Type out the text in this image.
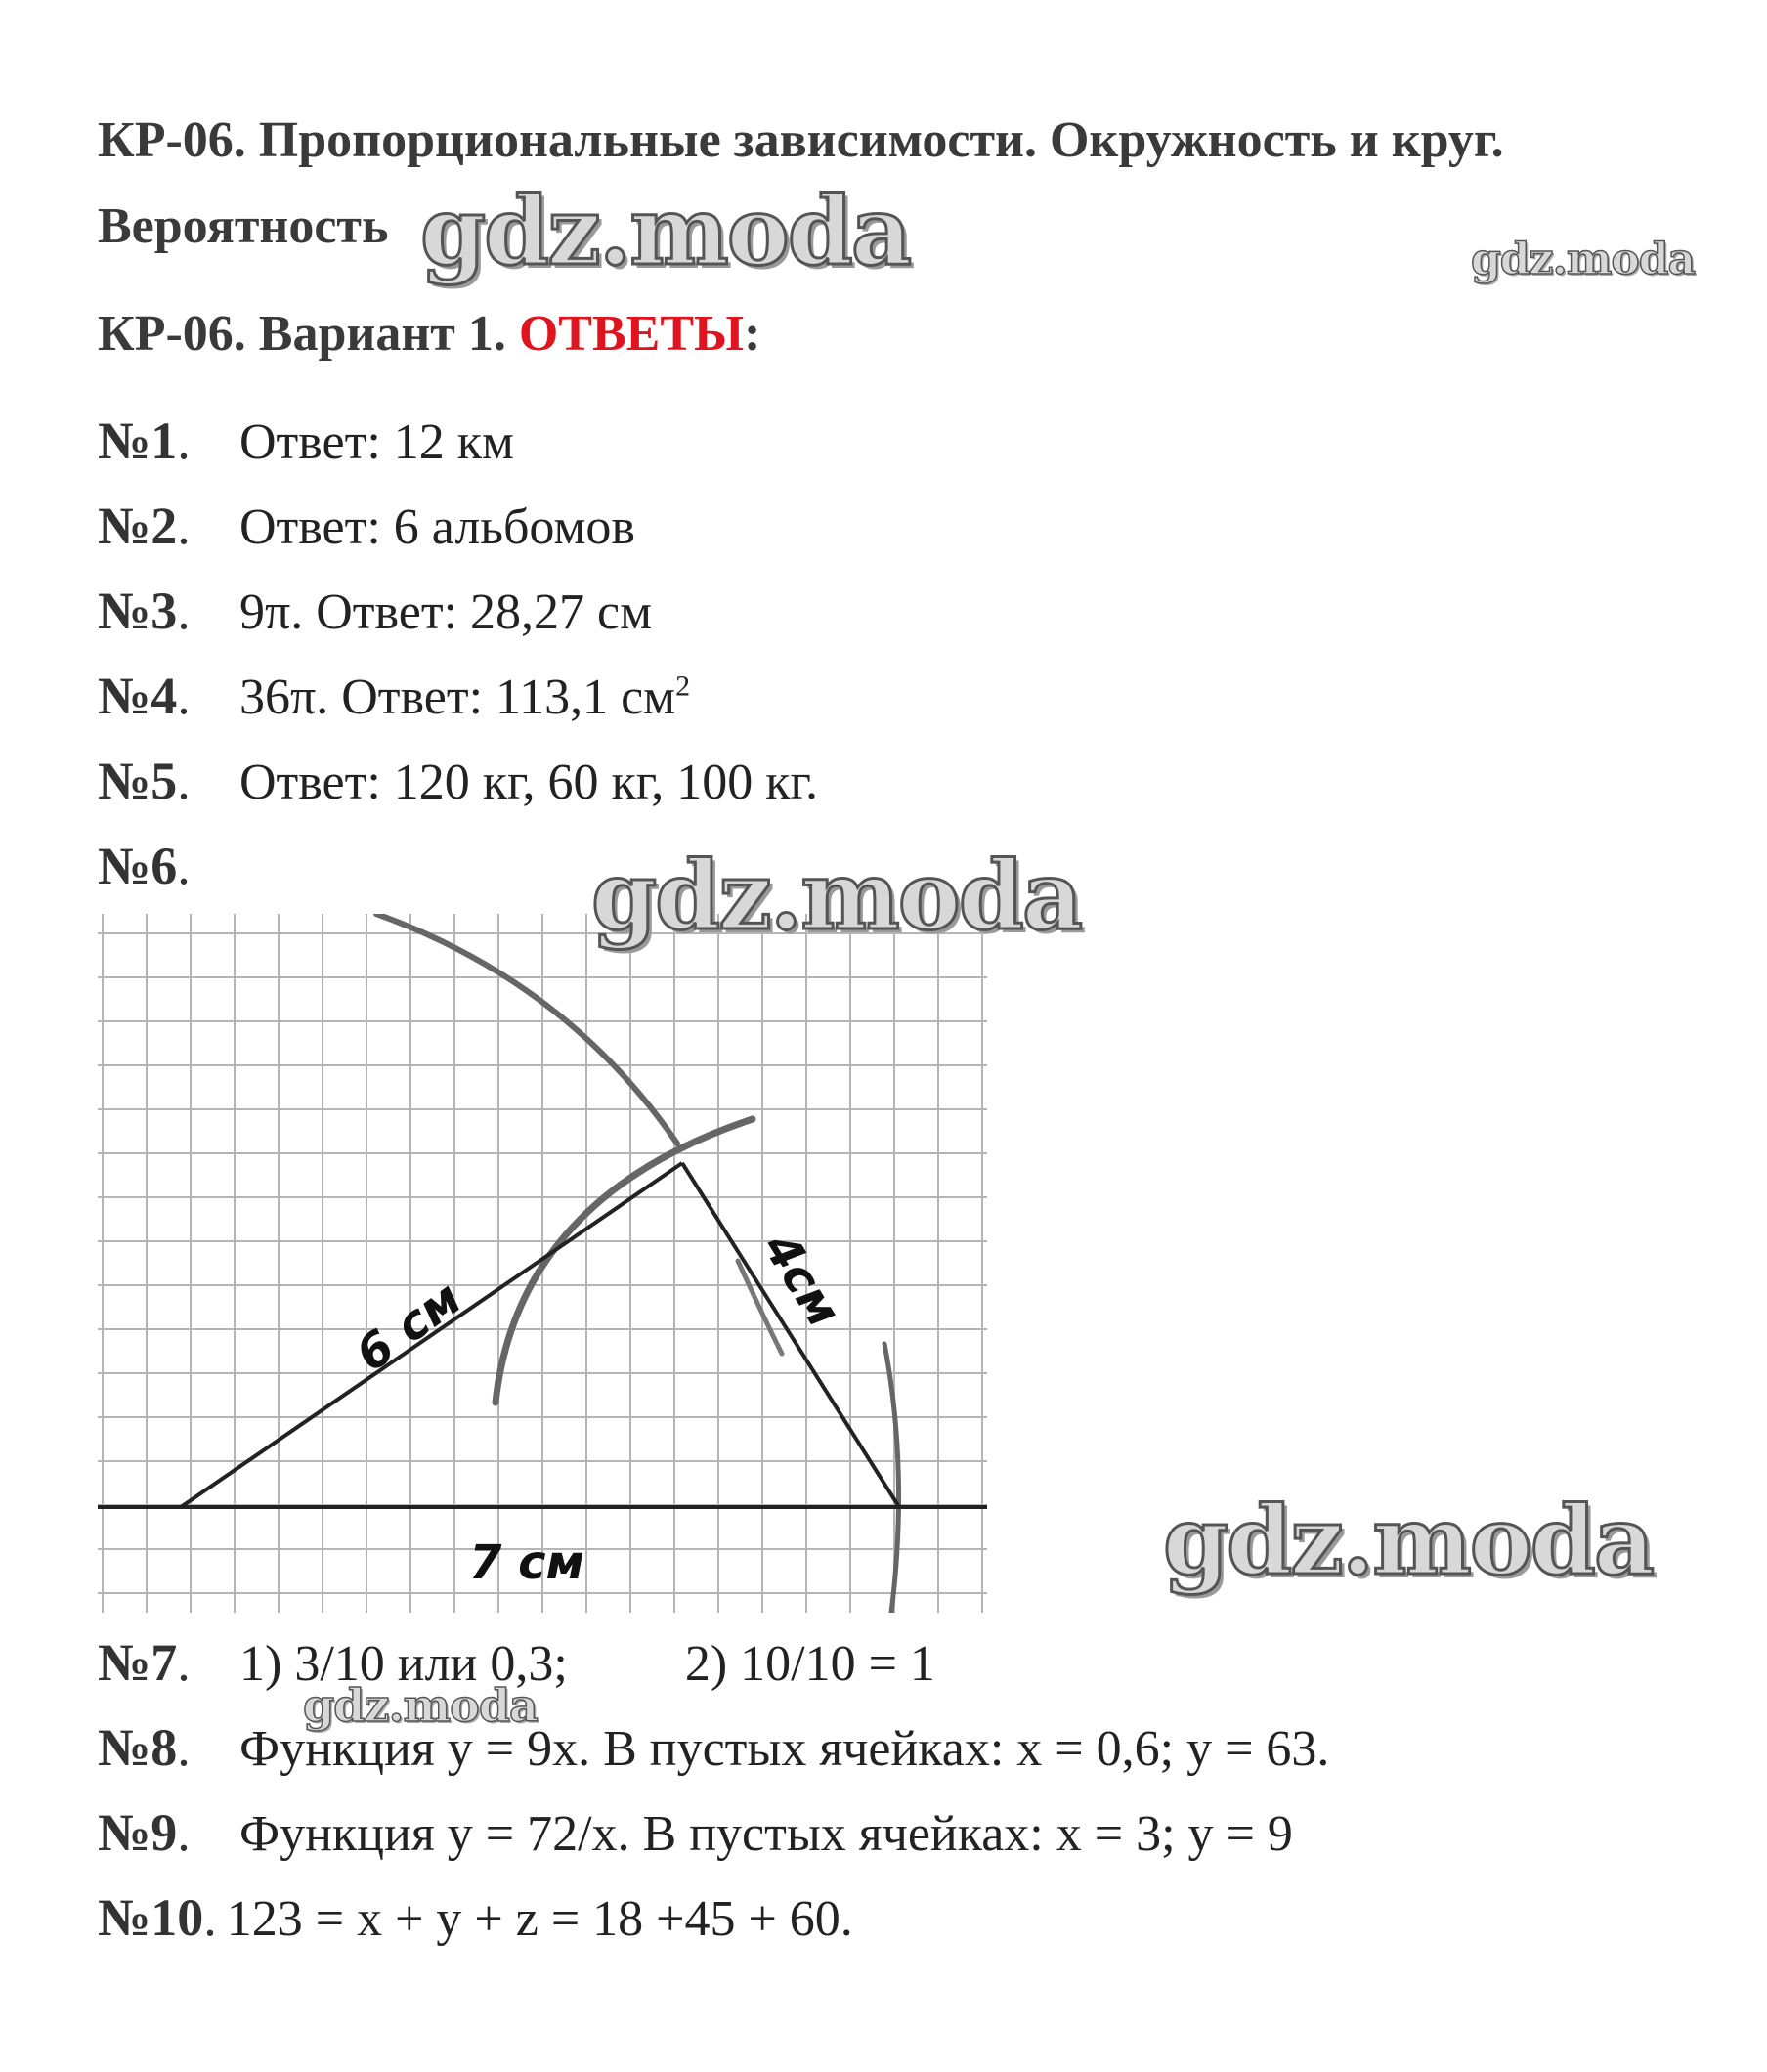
КР-06. Пропорциональные зависимости. Окружность и круг. Вероятность
КР-06. Вариант 1. ОТВЕТЫ:
№1. Ответ: 12 км
№2. Ответ: 6 альбомов
№3. 9π. Ответ: 28,27 см
№4. 36π. Ответ: 113,1 $см^2$
№5. Ответ: 120 кг, 60 кг, 100 кг.
№6.
6 см	4см
7 см
№7. 1) 3/10 или 0,3; 2) 10/10 = 1
№8. Функция y = 9x. В пустых ячейках: x = 0,6; y = 63.
№9. Функция y = 72/x. В пустых ячейках: x = 3; y = 9
№10. 123 = x + y + z = 18 +45 + 60.
gdz.moda	gdz.moda
gdz.moda
gdz.moda
gdz.moda
